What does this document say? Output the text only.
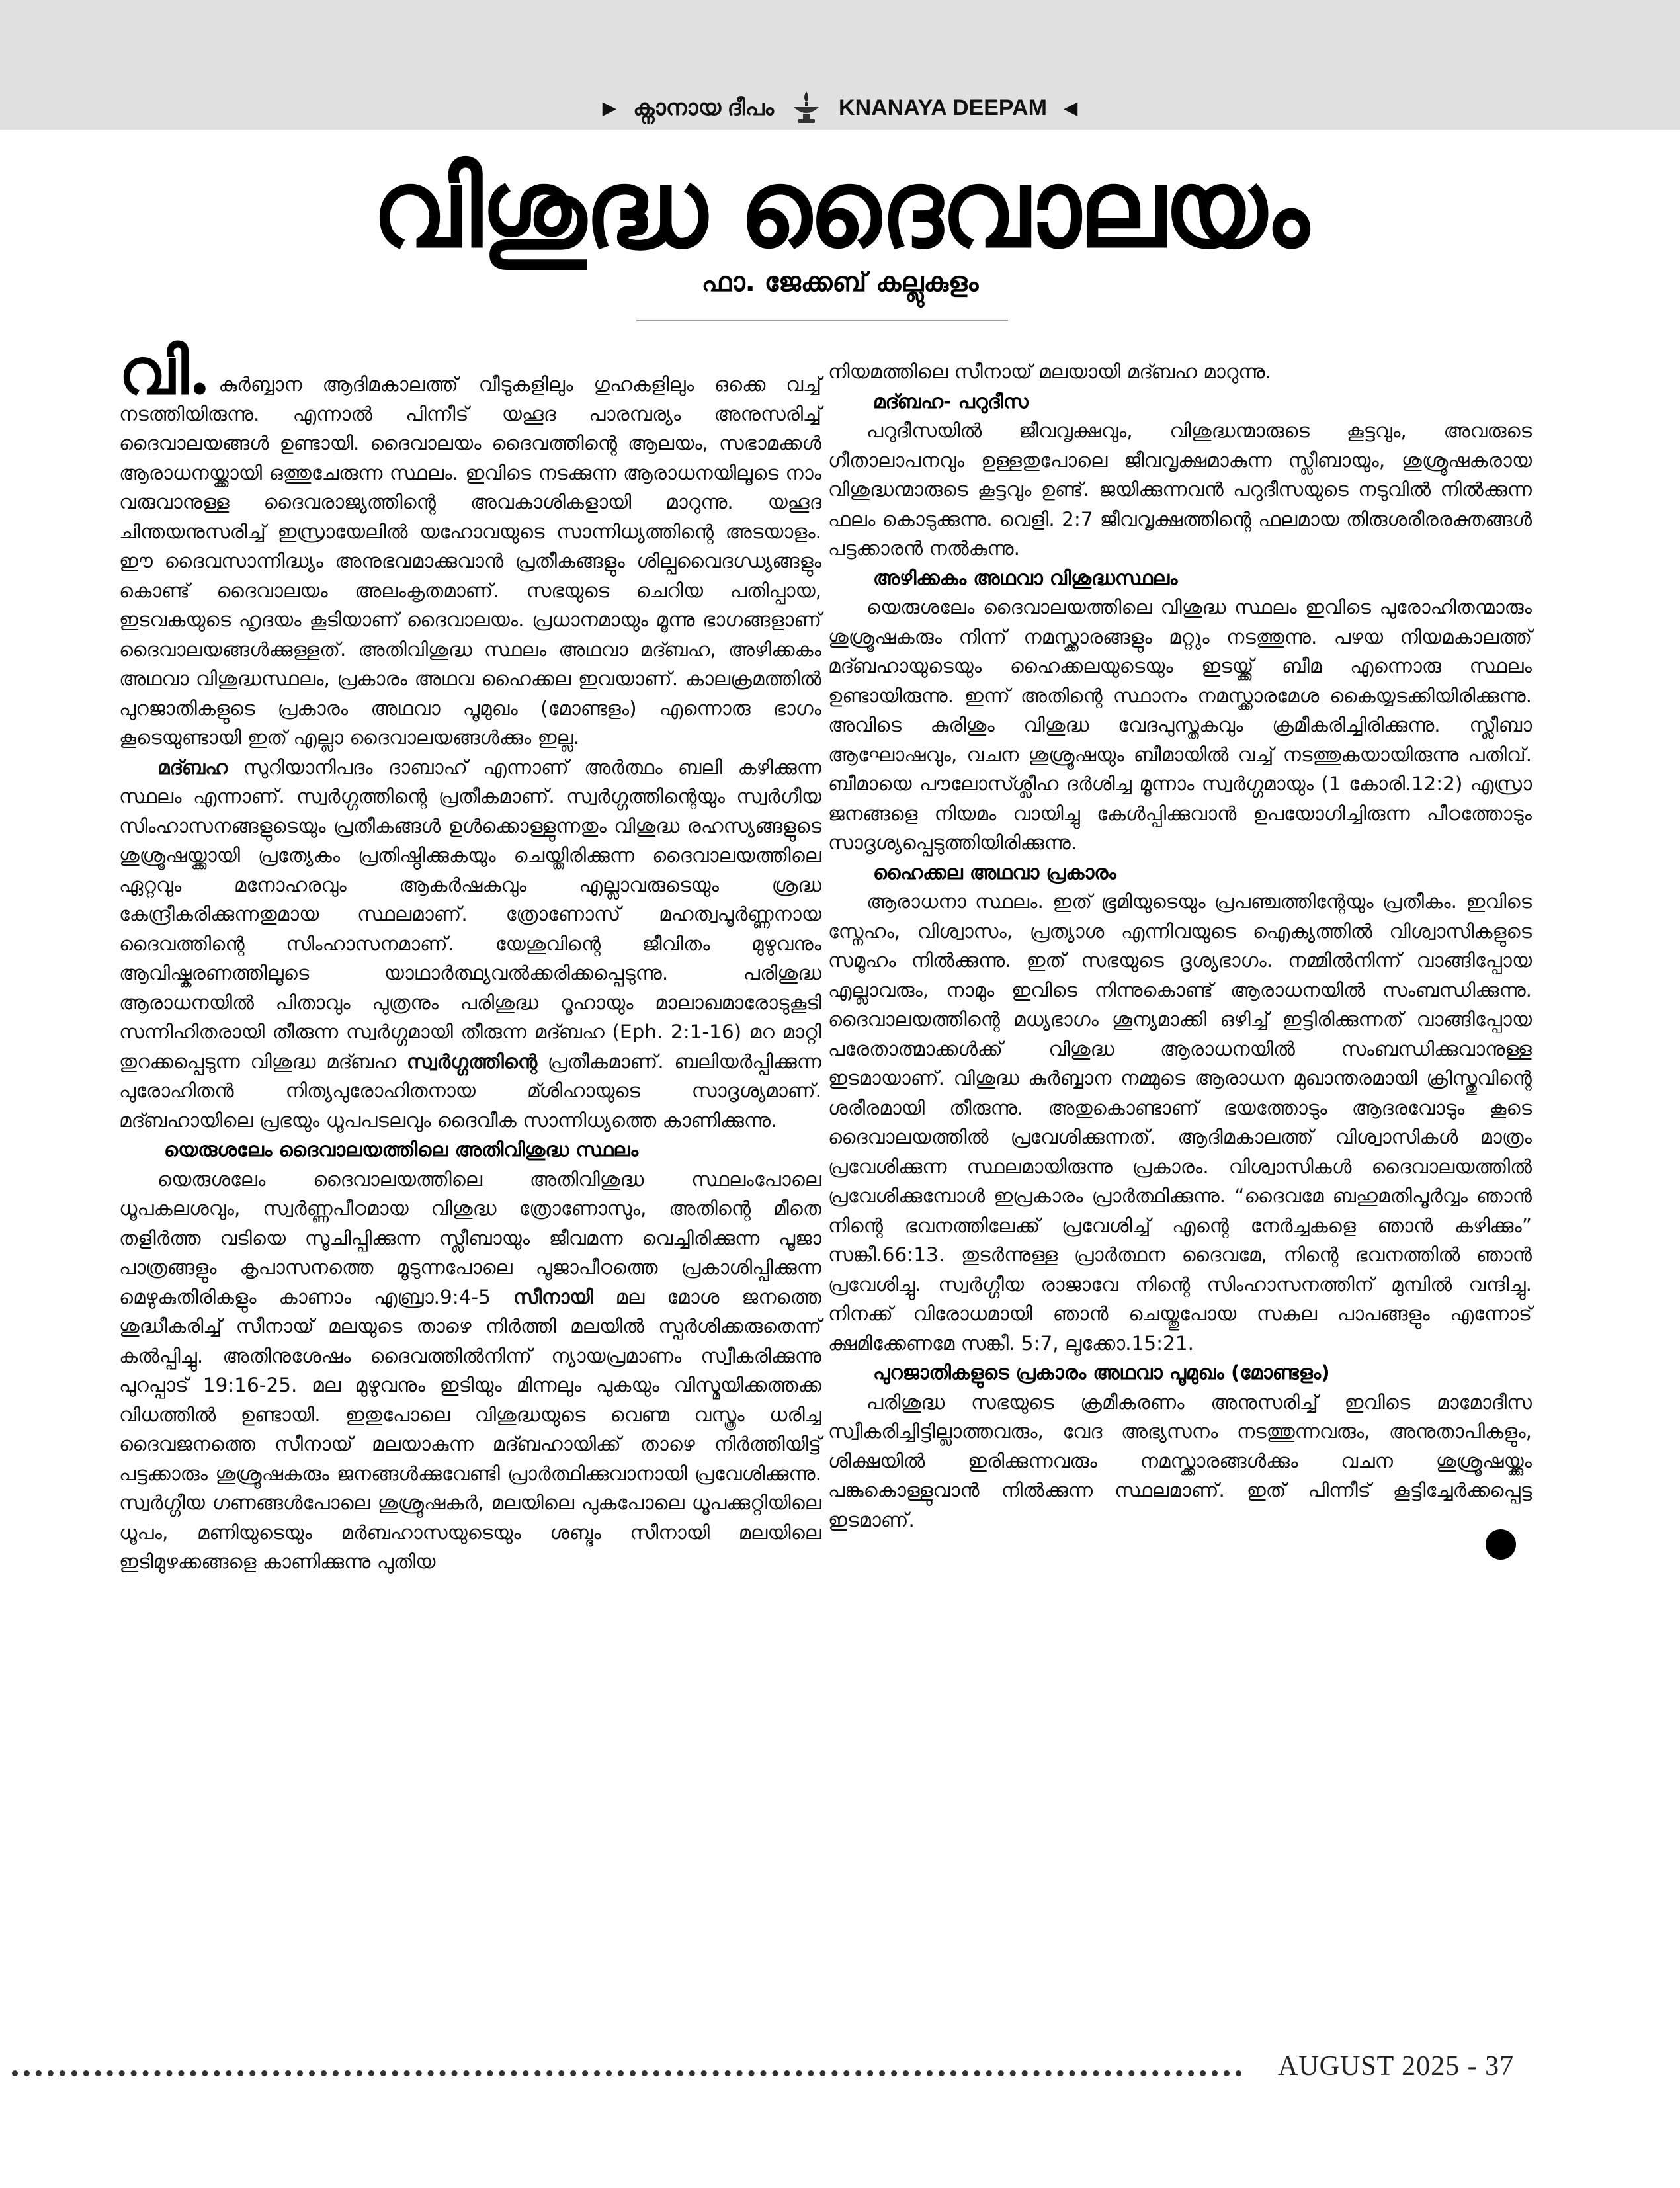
▶ ക്നാനായ ദീപം	KNANAYA DEEPAM ◀
വിശുദ്ധ ദൈവാലയം
ഫാ. ജേക്കബ് കല്ലുകുളം

വി. കുർബ്ബാന ആദിമകാലത്ത് വീടുകളിലും ഗുഹകളിലും ഒക്കെ വച്ച് നടത്തിയിരുന്നു. എന്നാൽ പിന്നീട് യഹൂദ പാരമ്പര്യം അനുസരിച്ച് ദൈവാലയങ്ങൾ ഉണ്ടായി. ദൈവാലയം ദൈവത്തിന്റെ ആലയം, സഭാമക്കൾ ആരാധനയ്ക്കായി ഒത്തുചേരുന്ന സ്ഥലം. ഇവിടെ നടക്കുന്ന ആരാധനയിലൂടെ നാം വരുവാനുള്ള ദൈവരാജ്യത്തിന്റെ അവകാശികളായി മാറുന്നു. യഹൂദ ചിന്തയനുസരിച്ച് ഇസ്രായേലിൽ യഹോവയുടെ സാന്നിധ്യത്തിന്റെ അടയാളം. ഈ ദൈവസാന്നിദ്ധ്യം അനുഭവമാക്കുവാൻ പ്രതീകങ്ങളും ശില്പവൈദഗ്ധ്യങ്ങളും കൊണ്ട് ദൈവാലയം അലംകൃതമാണ്. സഭയുടെ ചെറിയ പതിപ്പായ, ഇടവകയുടെ ഹൃദയം കൂടിയാണ് ദൈവാലയം. പ്രധാനമായും മൂന്നു ഭാഗങ്ങളാണ് ദൈവാലയങ്ങൾക്കുള്ളത്. അതിവിശുദ്ധ സ്ഥലം അഥവാ മദ്ബഹ, അഴിക്കകം അഥവാ വിശുദ്ധസ്ഥലം, പ്രകാരം അഥവ ഹൈക്കല ഇവയാണ്. കാലക്രമത്തിൽ പുറജാതികളുടെ പ്രകാരം അഥവാ പൂമുഖം (മോണ്ടളം) എന്നൊരു ഭാഗം കൂടെയുണ്ടായി ഇത് എല്ലാ ദൈവാലയങ്ങൾക്കും ഇല്ല.

മദ്ബഹ സുറിയാനിപദം ദാബാഹ് എന്നാണ് അർത്ഥം ബലി കഴിക്കുന്ന സ്ഥലം എന്നാണ്. സ്വർഗ്ഗത്തിന്റെ പ്രതീകമാണ്. സ്വർഗ്ഗത്തിന്റെയും സ്വർഗീയ സിംഹാസനങ്ങളുടെയും പ്രതീകങ്ങൾ ഉൾക്കൊള്ളുന്നതും വിശുദ്ധ രഹസ്യങ്ങളുടെ ശുശ്രൂഷയ്ക്കായി പ്രത്യേകം പ്രതിഷ്ഠിക്കുകയും ചെയ്തിരിക്കുന്ന ദൈവാലയത്തിലെ ഏറ്റവും മനോഹരവും ആകർഷകവും എല്ലാവരുടെയും ശ്രദ്ധ കേന്ദ്രീകരിക്കുന്നതുമായ സ്ഥലമാണ്. ത്രോണോസ് മഹത്വപൂർണ്ണനായ ദൈവത്തിന്റെ സിംഹാസനമാണ്. യേശുവിന്റെ ജീവിതം മുഴുവനും ആവിഷ്കരണത്തിലൂടെ യാഥാർത്ഥ്യവൽക്കരിക്കപ്പെടുന്നു. പരിശുദ്ധ ആരാധനയിൽ പിതാവും പുത്രനും പരിശുദ്ധ റൂഹായും മാലാഖമാരോടുകൂടി സന്നിഹിതരായി തീരുന്ന സ്വർഗ്ഗമായി തീരുന്ന മദ്ബഹ (Eph. 2:1-16) മറ മാറ്റി തുറക്കപ്പെടുന്ന വിശുദ്ധ മദ്ബഹ സ്വർഗ്ഗത്തിന്റെ പ്രതീകമാണ്. ബലിയർപ്പിക്കുന്ന പുരോഹിതൻ നിത്യപുരോഹിതനായ മ്ശിഹായുടെ സാദൃശ്യമാണ്. മദ്ബഹായിലെ പ്രഭയും ധൂപപടലവും ദൈവീക സാന്നിധ്യത്തെ കാണിക്കുന്നു.

യെരുശലേം ദൈവാലയത്തിലെ അതിവിശുദ്ധ സ്ഥലം

യെരുശലേം ദൈവാലയത്തിലെ അതിവിശുദ്ധ സ്ഥലംപോലെ ധൂപകലശവും, സ്വർണ്ണപീഠമായ വിശുദ്ധ ത്രോണോസും, അതിന്റെ മീതെ തളിർത്ത വടിയെ സൂചിപ്പിക്കുന്ന സ്ലീബായും ജീവമന്ന വെച്ചിരിക്കുന്ന പൂജാ പാത്രങ്ങളും കൃപാസനത്തെ മൂടുന്നപോലെ പൂജാപീഠത്തെ പ്രകാശിപ്പിക്കുന്ന മെഴുകുതിരികളും കാണാം എബ്രാ.9:4-5 സീനായി മല മോശ ജനത്തെ ശുദ്ധീകരിച്ച് സീനായ് മലയുടെ താഴെ നിർത്തി മലയിൽ സ്പർശിക്കരുതെന്ന് കൽപ്പിച്ചു. അതിനുശേഷം ദൈവത്തിൽനിന്ന് ന്യായപ്രമാണം സ്വീകരിക്കുന്നു പുറപ്പാട് 19:16-25. മല മുഴുവനും ഇടിയും മിന്നലും പുകയും വിസ്മയിക്കത്തക്ക വിധത്തിൽ ഉണ്ടായി. ഇതുപോലെ വിശുദ്ധയുടെ വെണ്മ വസ്ത്രം ധരിച്ച ദൈവജനത്തെ സീനായ് മലയാകുന്ന മദ്ബഹായിക്ക് താഴെ നിർത്തിയിട്ട് പട്ടക്കാരും ശുശ്രൂഷകരും ജനങ്ങൾക്കുവേണ്ടി പ്രാർത്ഥിക്കുവാനായി പ്രവേശിക്കുന്നു. സ്വർഗ്ഗീയ ഗണങ്ങൾപോലെ ശുശ്രൂഷകർ, മലയിലെ പുകപോലെ ധൂപക്കുറ്റിയിലെ ധൂപം, മണിയുടെയും മർബഹാസയുടെയും ശബ്ദം സീനായി മലയിലെ ഇടിമുഴക്കങ്ങളെ കാണിക്കുന്നു പുതിയ

നിയമത്തിലെ സീനായ് മലയായി മദ്ബഹ മാറുന്നു.

മദ്ബഹ- പറുദീസ

പറുദീസയിൽ ജീവവൃക്ഷവും, വിശുദ്ധന്മാരുടെ കൂട്ടവും, അവരുടെ ഗീതാലാപനവും ഉള്ളതുപോലെ ജീവവൃക്ഷമാകുന്ന സ്ലീബായും, ശുശ്രൂഷകരായ വിശുദ്ധന്മാരുടെ കൂട്ടവും ഉണ്ട്. ജയിക്കുന്നവൻ പറുദീസയുടെ നടുവിൽ നിൽക്കുന്ന ഫലം കൊടുക്കുന്നു. വെളി. 2:7 ജീവവൃക്ഷത്തിന്റെ ഫലമായ തിരുശരീരരക്തങ്ങൾ പട്ടക്കാരൻ നൽകുന്നു.

അഴിക്കകം അഥവാ വിശുദ്ധസ്ഥലം

യെരുശലേം ദൈവാലയത്തിലെ വിശുദ്ധ സ്ഥലം ഇവിടെ പുരോഹിതന്മാരും ശുശ്രൂഷകരും നിന്ന് നമസ്ക്കാരങ്ങളും മറ്റും നടത്തുന്നു. പഴയ നിയമകാലത്ത് മദ്ബഹായുടെയും ഹൈക്കലയുടെയും ഇടയ്ക്ക് ബീമ എന്നൊരു സ്ഥലം ഉണ്ടായിരുന്നു. ഇന്ന് അതിന്റെ സ്ഥാനം നമസ്ക്കാരമേശ കൈയ്യടക്കിയിരിക്കുന്നു. അവിടെ കുരിശും വിശുദ്ധ വേദപുസ്തകവും ക്രമീകരിച്ചിരിക്കുന്നു. സ്ലീബാ ആഘോഷവും, വചന ശുശ്രൂഷയും ബീമായിൽ വച്ച് നടത്തുകയായിരുന്നു പതിവ്. ബീമായെ പൗലോസ്ശ്ലീഹ ദർശിച്ച മൂന്നാം സ്വർഗ്ഗമായും (1 കോരി.12:2) എസ്രാ ജനങ്ങളെ നിയമം വായിച്ചു കേൾപ്പിക്കുവാൻ ഉപയോഗിച്ചിരുന്ന പീഠത്തോടും സാദൃശ്യപ്പെടുത്തിയിരിക്കുന്നു.

ഹൈക്കല അഥവാ പ്രകാരം

ആരാധനാ സ്ഥലം. ഇത് ഭൂമിയുടെയും പ്രപഞ്ചത്തിന്റേയും പ്രതീകം. ഇവിടെ സ്നേഹം, വിശ്വാസം, പ്രത്യാശ എന്നിവയുടെ ഐക്യത്തിൽ വിശ്വാസികളുടെ സമൂഹം നിൽക്കുന്നു. ഇത് സഭയുടെ ദൃശ്യഭാഗം. നമ്മിൽനിന്ന് വാങ്ങിപ്പോയ എല്ലാവരും, നാമും ഇവിടെ നിന്നുകൊണ്ട് ആരാധനയിൽ സംബന്ധിക്കുന്നു. ദൈവാലയത്തിന്റെ മധ്യഭാഗം ശൂന്യമാക്കി ഒഴിച്ച് ഇട്ടിരിക്കുന്നത് വാങ്ങിപ്പോയ പരേതാത്മാക്കൾക്ക് വിശുദ്ധ ആരാധനയിൽ സംബന്ധിക്കുവാനുള്ള ഇടമായാണ്. വിശുദ്ധ കുർബ്ബാന നമ്മുടെ ആരാധന മുഖാന്തരമായി ക്രിസ്തുവിന്റെ ശരീരമായി തീരുന്നു. അതുകൊണ്ടാണ് ഭയത്തോടും ആദരവോടും കൂടെ ദൈവാലയത്തിൽ പ്രവേശിക്കുന്നത്. ആദിമകാലത്ത് വിശ്വാസികൾ മാത്രം പ്രവേശിക്കുന്ന സ്ഥലമായിരുന്നു പ്രകാരം. വിശ്വാസികൾ ദൈവാലയത്തിൽ പ്രവേശിക്കുമ്പോൾ ഇപ്രകാരം പ്രാർത്ഥിക്കുന്നു. “ദൈവമേ ബഹുമതിപൂർവ്വം ഞാൻ നിന്റെ ഭവനത്തിലേക്ക് പ്രവേശിച്ച് എന്റെ നേർച്ചകളെ ഞാൻ കഴിക്കും” സങ്കീ.66:13. തുടർന്നുള്ള പ്രാർത്ഥന ദൈവമേ, നിന്റെ ഭവനത്തിൽ ഞാൻ പ്രവേശിച്ചു. സ്വർഗ്ഗീയ രാജാവേ നിന്റെ സിംഹാസനത്തിന് മുമ്പിൽ വന്ദിച്ചു. നിനക്ക് വിരോധമായി ഞാൻ ചെയ്തുപോയ സകല പാപങ്ങളും എന്നോട് ക്ഷമിക്കേണമേ സങ്കീ. 5:7, ലൂക്കോ.15:21.

പുറജാതികളുടെ പ്രകാരം അഥവാ പൂമുഖം (മോണ്ടളം)

പരിശുദ്ധ സഭയുടെ ക്രമീകരണം അനുസരിച്ച് ഇവിടെ മാമോദീസ സ്വീകരിച്ചിട്ടില്ലാത്തവരും, വേദ അഭ്യസനം നടത്തുന്നവരും, അനുതാപികളും, ശിക്ഷയിൽ ഇരിക്കുന്നവരും നമസ്ക്കാരങ്ങൾക്കും വചന ശുശ്രൂഷയ്ക്കും പങ്കുകൊള്ളുവാൻ നിൽക്കുന്ന സ്ഥലമാണ്. ഇത് പിന്നീട് കൂട്ടിച്ചേർക്കപ്പെട്ട ഇടമാണ്.

AUGUST 2025 - 37
